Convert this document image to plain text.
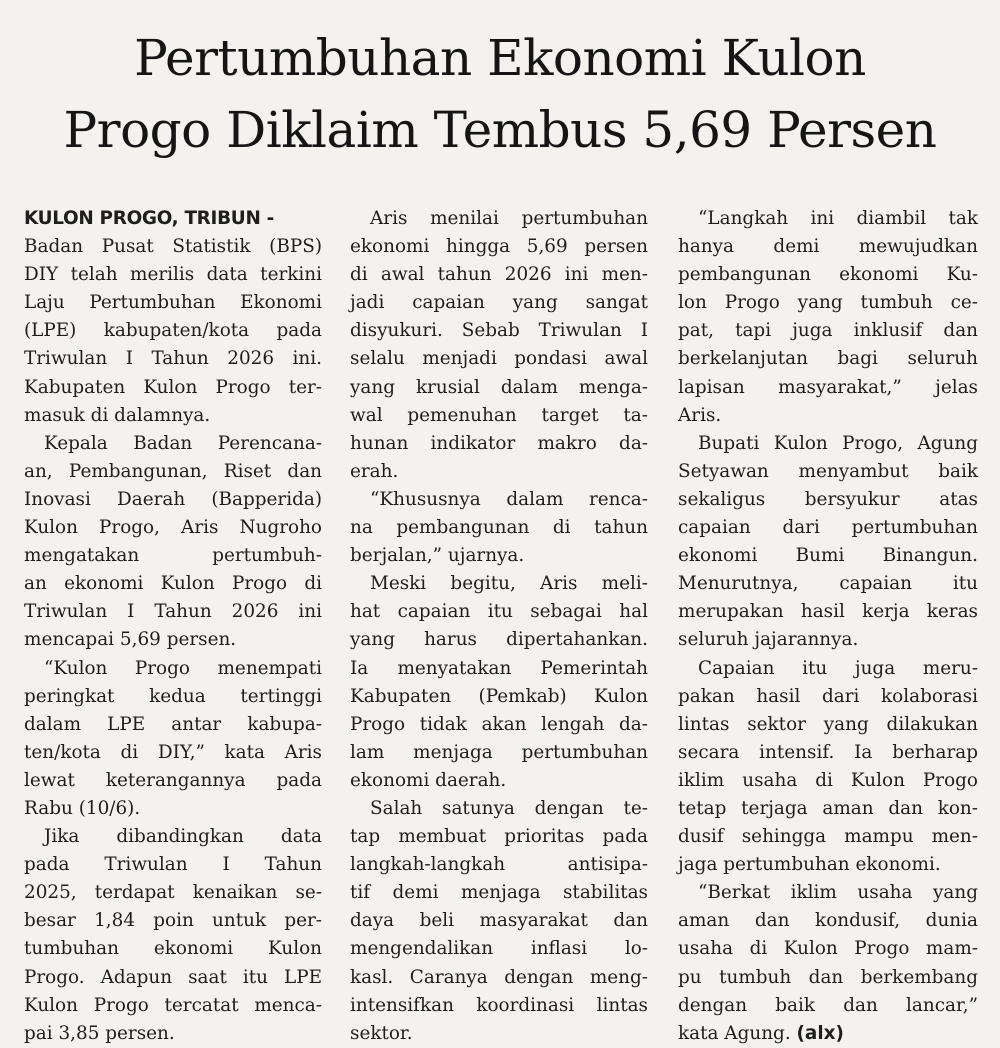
Pertumbuhan Ekonomi Kulon
Progo Diklaim Tembus 5,69 Persen

KULON PROGO, TRIBUN -
Badan Pusat Statistik (BPS)
DIY telah merilis data terkini
Laju Pertumbuhan Ekonomi
(LPE) kabupaten/kota pada
Triwulan I Tahun 2026 ini.
Kabupaten Kulon Progo ter-
masuk di dalamnya.

Kepala Badan Perencana-
an, Pembangunan, Riset dan
Inovasi Daerah (Bapperida)
Kulon Progo, Aris Nugroho
mengatakan pertumbuh-
an ekonomi Kulon Progo di
Triwulan I Tahun 2026 ini
mencapai 5,69 persen.

“Kulon Progo menempati
peringkat kedua tertinggi
dalam LPE antar kabupa-
ten/kota di DIY,” kata Aris
lewat keterangannya pada
Rabu (10/6).

Jika dibandingkan data
pada Triwulan I Tahun
2025, terdapat kenaikan se-
besar 1,84 poin untuk per-
tumbuhan ekonomi Kulon
Progo. Adapun saat itu LPE
Kulon Progo tercatat menca-
pai 3,85 persen.

Aris menilai pertumbuhan
ekonomi hingga 5,69 persen
di awal tahun 2026 ini men-
jadi capaian yang sangat
disyukuri. Sebab Triwulan I
selalu menjadi pondasi awal
yang krusial dalam menga-
wal pemenuhan target ta-
hunan indikator makro da-
erah.

“Khususnya dalam renca-
na pembangunan di tahun
berjalan,” ujarnya.

Meski begitu, Aris meli-
hat capaian itu sebagai hal
yang harus dipertahankan.
Ia menyatakan Pemerintah
Kabupaten (Pemkab) Kulon
Progo tidak akan lengah da-
lam menjaga pertumbuhan
ekonomi daerah.

Salah satunya dengan te-
tap membuat prioritas pada
langkah-langkah antisipa-
tif demi menjaga stabilitas
daya beli masyarakat dan
mengendalikan inflasi lo-
kasl. Caranya dengan meng-
intensifkan koordinasi lintas
sektor.

“Langkah ini diambil tak
hanya demi mewujudkan
pembangunan ekonomi Ku-
lon Progo yang tumbuh ce-
pat, tapi juga inklusif dan
berkelanjutan bagi seluruh
lapisan masyarakat,” jelas
Aris.

Bupati Kulon Progo, Agung
Setyawan menyambut baik
sekaligus bersyukur atas
capaian dari pertumbuhan
ekonomi Bumi Binangun.
Menurutnya, capaian itu
merupakan hasil kerja keras
seluruh jajarannya.

Capaian itu juga meru-
pakan hasil dari kolaborasi
lintas sektor yang dilakukan
secara intensif. Ia berharap
iklim usaha di Kulon Progo
tetap terjaga aman dan kon-
dusif sehingga mampu men-
jaga pertumbuhan ekonomi.

“Berkat iklim usaha yang
aman dan kondusif, dunia
usaha di Kulon Progo mam-
pu tumbuh dan berkembang
dengan baik dan lancar,”
kata Agung. (alx)
